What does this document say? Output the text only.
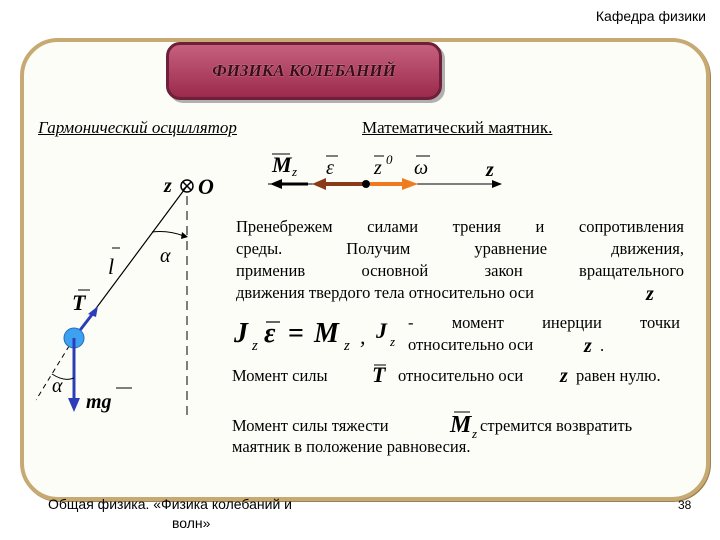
Кафедра физики
ФИЗИКА КОЛЕБАНИЙ
Гармонический осциллятор	Математический маятник.
M z ε z 0 ω	z
z O
α
l
T
α
mg
Пренебрежем силами трения и сопротивления
среды. Получим уравнение движения,
применив основной закон вращательного
движения твердого тела относительно оси	z
J z ε = M z , J z
- момент инерции точки
относительно оси	z .
Момент силы T относительно оси z равен нулю.
Момент силы тяжести	M z стремится возвратить
маятник в положение равновесия.
Общая физика. «Физика колебаний и
волн»
38
